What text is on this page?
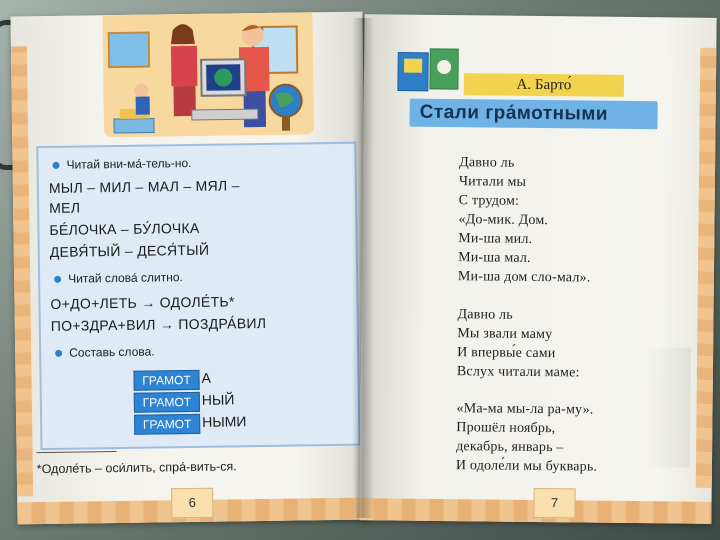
Читай вни-ма́-тель-но.
МЫЛ – МИЛ – МАЛ – МЯЛ –
МЕЛ
БЕ́ЛОЧКА – БУ́ЛОЧКА
ДЕВЯ́ТЫЙ – ДЕСЯ́ТЫЙ
Читай слова́ слитно.
О+ДО+ЛЕТЬ → ОДОЛЕ́ТЬ*
ПО+ЗДРА+ВИЛ → ПОЗДРА́ВИЛ
Составь слова.
ГРАМОТ А
ГРАМОТ НЫЙ
ГРАМОТ НЫМИ
*Одоле́ть – оси́лить, спра́-вить-ся.
6
А. Барто́
Стали гра́мотными
Давно ль
Читали мы
С трудом:
«До-мик. Дом.
Ми-ша мил.
Ми-ша мал.
Ми-ша дом сло-мал».
Давно ль
Мы звали маму
И впервы́е сами
Вслух читали маме:
«Ма-ма мы-ла ра-му».
Прошёл ноябрь,
декабрь, январь –
И одоле́ли мы букварь.
7
